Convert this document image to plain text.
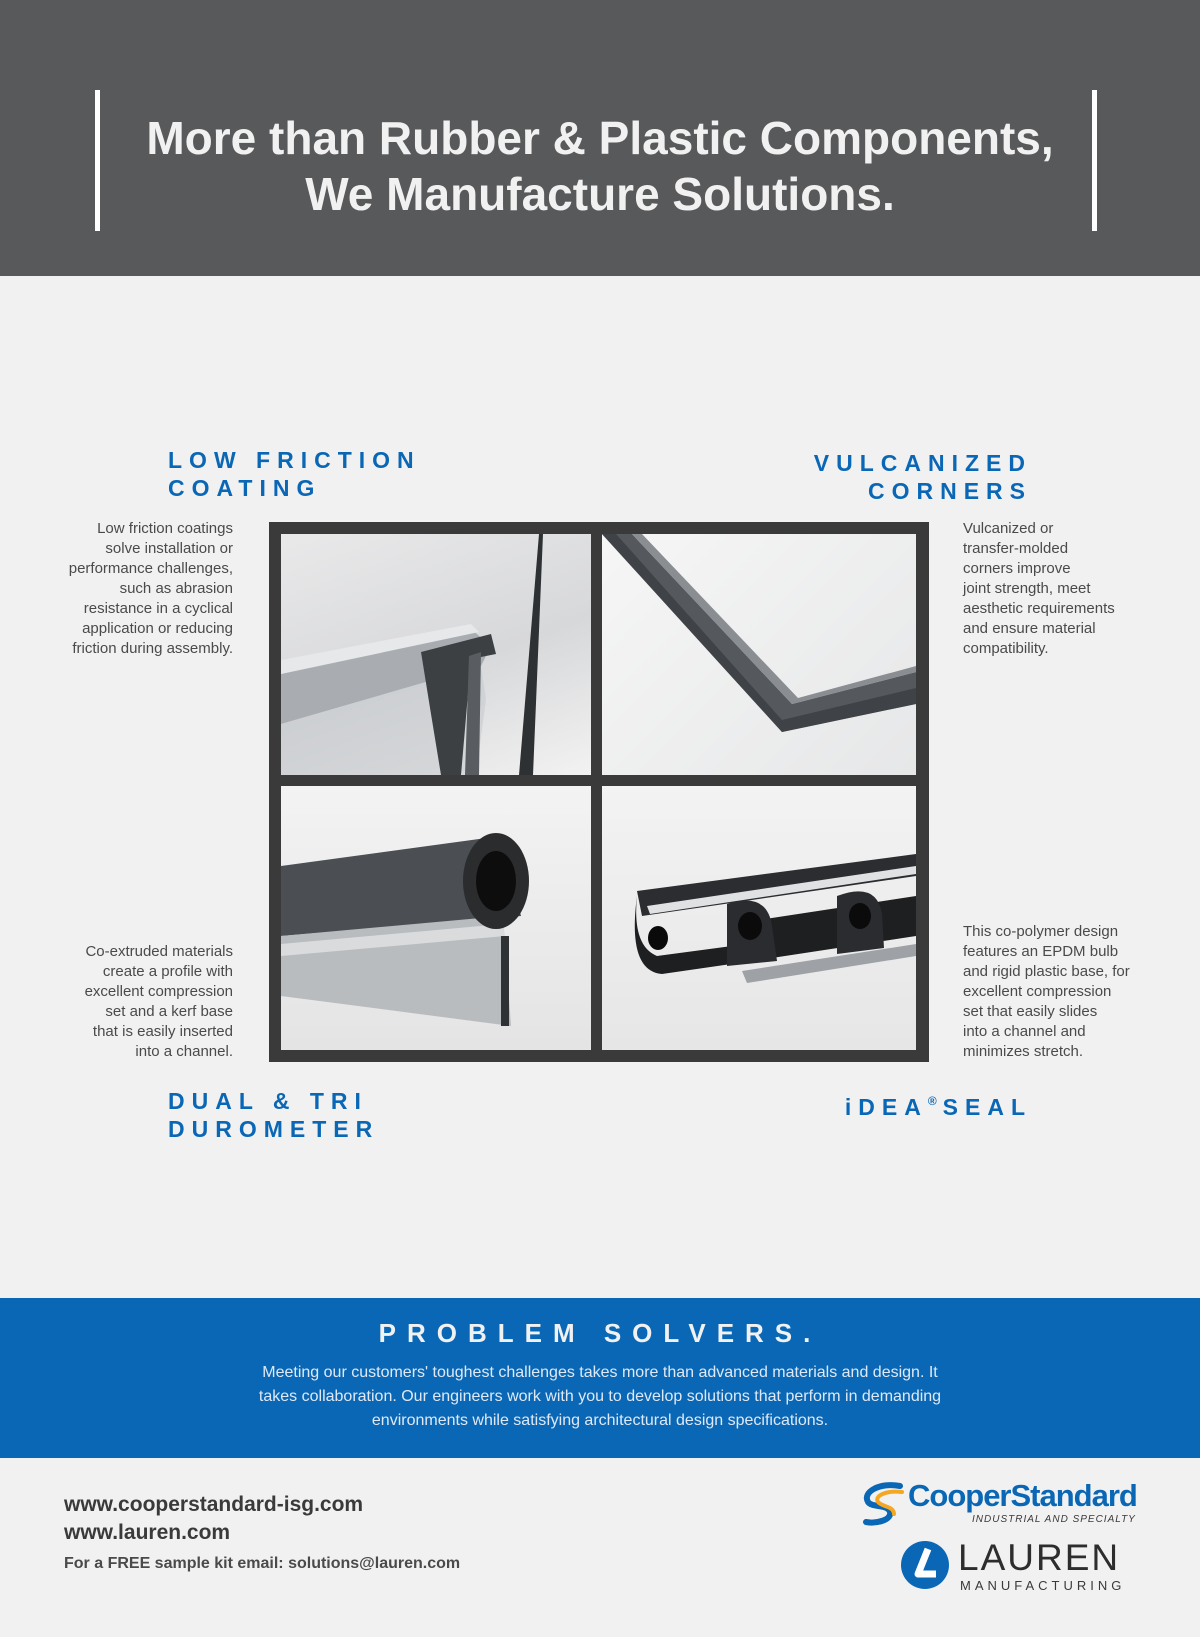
More than Rubber & Plastic Components,
We Manufacture Solutions.
LOW FRICTION
COATING
VULCANIZED
CORNERS
DUAL & TRI
DUROMETER
iDEA® SEAL

Low friction coatings
solve installation or
performance challenges,
such as abrasion
resistance in a cyclical
application or reducing
friction during assembly.

Vulcanized or
transfer-molded
corners improve
joint strength, meet
aesthetic requirements
and ensure material
compatibility.

Co-extruded materials
create a profile with
excellent compression
set and a kerf base
that is easily inserted
into a channel.

This co-polymer design
features an EPDM bulb
and rigid plastic base, for
excellent compression
set that easily slides
into a channel and
minimizes stretch.

PROBLEM SOLVERS.

Meeting our customers' toughest challenges takes more than advanced materials and design. It
takes collaboration. Our engineers work with you to develop solutions that perform in demanding
environments while satisfying architectural design specifications.

www.cooperstandard-isg.com
www.lauren.com
For a FREE sample kit email: solutions@lauren.com
CooperStandard
INDUSTRIAL AND SPECIALTY
LAUREN
MANUFACTURING
